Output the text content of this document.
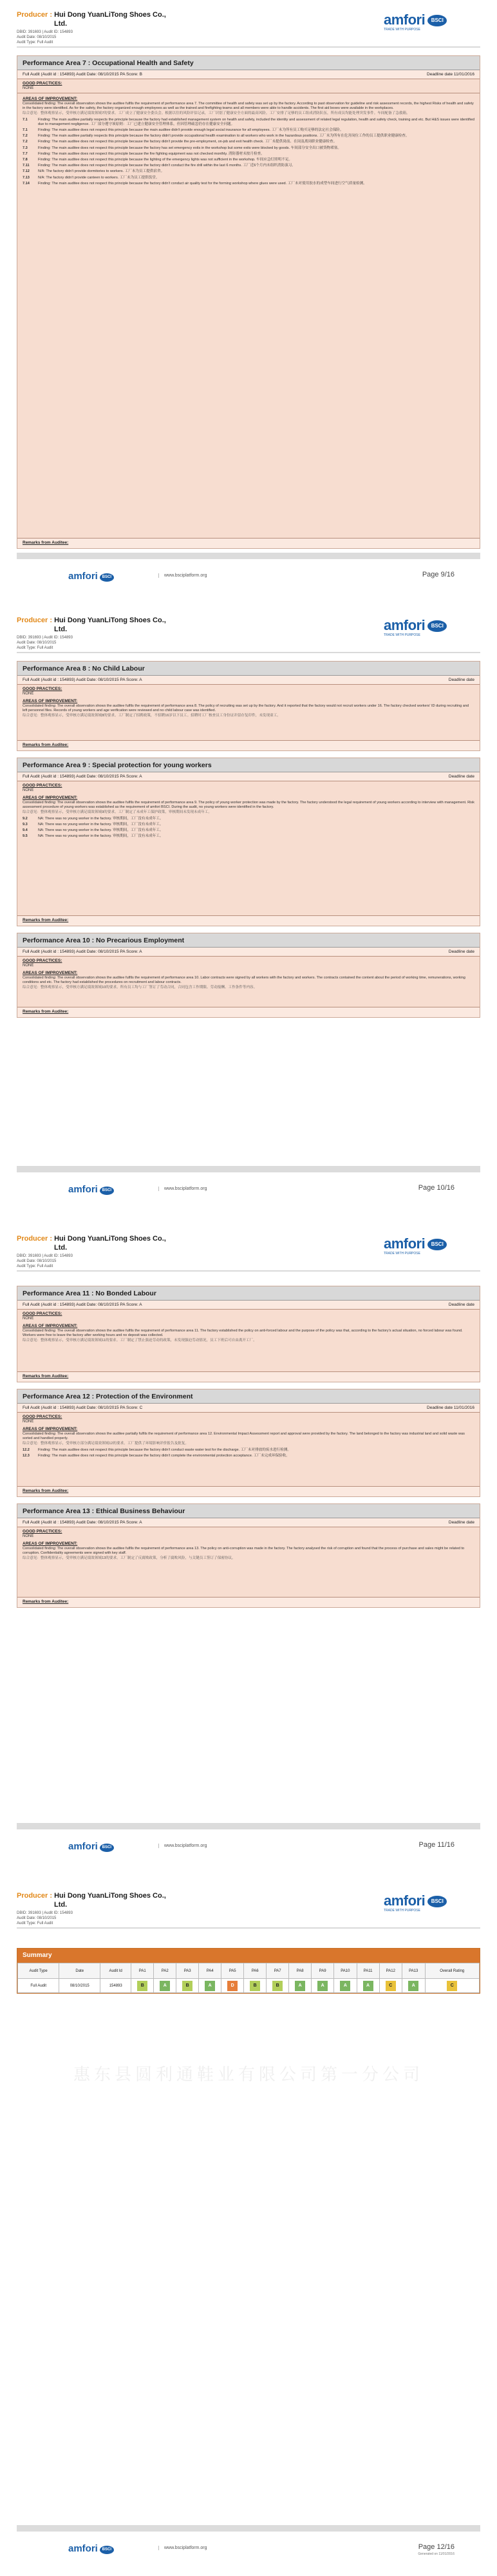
Producer : Hui Dong YuanLiTong Shoes Co.,
Ltd.
DBID: 391693 | Audit ID: 154893
Audit Date: 08/10/2015
Audit Type: Full Audit
amfori BSCI
TRADE WITH PURPOSE
Performance Area 7 : Occupational Health and Safety
Full Audit (Audit id : 154893) Audit Date: 08/10/2015 PA Score: B	Deadline date 11/01/2016
GOOD PRACTICES:
NONE
AREAS OF IMPROVEMENT:

Consolidated finding: The overall observation shows the auditee fulfils the requirement of performance area 7. The committee of health and safety was set up by the factory. According to past observation for guideline and risk assessment records, the highest Risks of health and safety in the factory were identified. As for the safety, the factory organized enough employees as well as the trained and firefighting teams and all members were able to handle accidents. The first aid boxes were available in the workplaces.

综合意见：整体观察显示，受审核方满足绩效领域7的要求。工厂成立了健康安全委员会。根据以往的风险评估记录，工厂识别了健康安全方面的最高风险。工厂安排了足够的员工组成消防队伍，所有成员均能处理突发事件。车间配备了急救箱。

7.1	Finding: The main auditee partially respects the principle because the factory had established management system on health and safety, included the identity and assessment of related legal regulation, health and safety check, training and etc. But H&S issues were identified due to management negligence. 工厂部分遵守该原则：工厂已建立健康安全管理体系，但因管理疏忽仍存在健康安全问题。
7.1	Finding: The main auditee does not respect this principle because the main auditee didn't provide enough legal social insurance for all employees. 工厂未为所有员工购买足够的法定社会保险。
7.2	Finding: The main auditee partially respects this principle because the factory didn't provide occupational health examination to all workers who work in the hazardous positions. 工厂未为所有在危害岗位工作的员工提供职业健康检查。
7.2	Finding: The main auditee does not respect this principle because the factory didn't provide the pre-employment, on-job and exit health check. 工厂未提供岗前、在岗及离岗职业健康检查。
7.3	Finding: The main auditee does not respect this principle because the factory has set emergency exits in the workshop but some exits were blocked by goods. 车间部分安全出口被货物堵塞。
7.7	Finding: The main auditee does not respect this principle because the fire fighting equipment was not checked monthly. 消防器材未按月检查。
7.8	Finding: The main auditee does not respect this principle because the lighting of the emergency lights was not sufficient in the workshop. 车间应急灯照明不足。
7.11	Finding: The main auditee does not respect this principle because the factory didn't conduct the fire drill within the last 6 months. 工厂近6个月内未组织消防演习。
7.12	N/A: The factory didn't provide dormitories to workers. 工厂未为员工提供宿舍。
7.13	N/A: The factory didn't provide canteen to workers. 工厂未为员工提供饭堂。
7.14	Finding: The main auditee does not respect this principle because the factory didn't conduct air quality test for the forming workshop where glues were used. 工厂未对使用胶水的成型车间进行空气质量检测。
Remarks from Auditee:
amfori BSCI	www.bsciplatform.org	Page 9/16
Producer : Hui Dong YuanLiTong Shoes Co.,
Ltd.
DBID: 391693 | Audit ID: 154893
Audit Date: 08/10/2015
Audit Type: Full Audit
amfori BSCI
TRADE WITH PURPOSE
Performance Area 8 : No Child Labour
Full Audit (Audit id : 154893) Audit Date: 08/10/2015 PA Score: A	Deadline date
GOOD PRACTICES:
NONE
AREAS OF IMPROVEMENT:

Consolidated finding: The overall observation shows the auditee fulfils the requirement of performance area 8. The policy of recruiting was set up by the factory. And it reported that the factory would not recruit workers under 16. The factory checked workers' ID during recruiting and left personnel files. Records of young workers and age verification were reviewed and no child labour case was identified.

综合意见：整体观察显示，受审核方满足绩效领域8的要求。工厂制定了招聘政策，不招聘16岁以下员工。招聘时工厂核查员工身份证并留存复印件，未发现童工。

Remarks from Auditee:
Performance Area 9 : Special protection for young workers
Full Audit (Audit id : 154893) Audit Date: 08/10/2015 PA Score: A	Deadline date
GOOD PRACTICES:
NONE
AREAS OF IMPROVEMENT:

Consolidated finding: The overall observation shows the auditee fulfils the requirement of performance area 9. The policy of young worker protection was made by the factory. The factory understood the legal requirement of young workers according to interview with management. Risk assessment procedure of young workers was established as the requirement of amfori BSCI. During the audit, no young workers were identified in the factory.

综合意见：整体观察显示，受审核方满足绩效领域9的要求。工厂制定了未成年工保护政策，审核期间未发现未成年工。

9.2	NA: There was no young worker in the factory. 审核期间，工厂没有未成年工。
9.3	NA: There was no young worker in the factory. 审核期间，工厂没有未成年工。
9.4	NA: There was no young worker in the factory. 审核期间，工厂没有未成年工。
9.5	NA: There was no young worker in the factory. 审核期间，工厂没有未成年工。
Remarks from Auditee:
Performance Area 10 : No Precarious Employment
Full Audit (Audit id : 154893) Audit Date: 08/10/2015 PA Score: A	Deadline date
GOOD PRACTICES:
NONE
AREAS OF IMPROVEMENT:

Consolidated finding: The overall observation shows the auditee fulfils the requirement of performance area 10. Labor contracts were signed by all workers with the factory and workers. The contracts contained the content about the period of working time, remunerations, working conditions and etc. The factory had established the procedures on recruitment and labour contracts.

综合意见：整体观察显示，受审核方满足绩效领域10的要求。所有员工均与工厂签订了劳动合同，合同包含工作期限、劳动报酬、工作条件等内容。

Remarks from Auditee:
amfori BSCI	www.bsciplatform.org	Page 10/16
Producer : Hui Dong YuanLiTong Shoes Co.,
Ltd.
DBID: 391693 | Audit ID: 154893
Audit Date: 08/10/2015
Audit Type: Full Audit
amfori BSCI
TRADE WITH PURPOSE
Performance Area 11 : No Bonded Labour
Full Audit (Audit id : 154893) Audit Date: 08/10/2015 PA Score: A	Deadline date
GOOD PRACTICES:
NONE
AREAS OF IMPROVEMENT:

Consolidated finding: The overall observation shows the auditee fulfils the requirement of performance area 11. The factory established the policy on anti-forced labour and the purpose of the policy was that, according to the factory's actual situation, no forced labour was found. Workers were free to leave the factory after working hours and no deposit was collected.

综合意见：整体观察显示，受审核方满足绩效领域11的要求。工厂制定了禁止强迫劳动的政策，未发现强迫劳动情况，员工下班后可自由离开工厂。

Remarks from Auditee:
Performance Area 12 : Protection of the Environment
Full Audit (Audit id : 154893) Audit Date: 08/10/2015 PA Score: C	Deadline date 11/01/2016
GOOD PRACTICES:
NONE
AREAS OF IMPROVEMENT:

Consolidated finding: The overall observation shows the auditee partially fulfils the requirement of performance area 12. Environmental Impact Assessment report and approval were provided by the factory. The land belonged to the factory was industrial land and solid waste was sorted and handled properly.

综合意见：整体观察显示，受审核方部分满足绩效领域12的要求。工厂提供了环境影响评价报告及批复。

12.2	Finding: The main auditee does not respect this principle because the factory didn't conduct waste water test for the discharge. 工厂未对排放的废水进行检测。
12.3	Finding: The main auditee does not respect this principle because the factory didn't complete the environmental protection acceptance. 工厂未完成环保验收。
Remarks from Auditee:
Performance Area 13 : Ethical Business Behaviour
Full Audit (Audit id : 154893) Audit Date: 08/10/2015 PA Score: A	Deadline date
GOOD PRACTICES:
NONE
AREAS OF IMPROVEMENT:

Consolidated finding: The overall observation shows the auditee fulfils the requirement of performance area 13. The policy on anti-corruption was made in the factory. The factory analysed the risk of corruption and found that the process of purchase and sales might be related to corruption. Confidentiality agreements were signed with key staff.

综合意见：整体观察显示，受审核方满足绩效领域13的要求。工厂制定了反腐败政策，分析了腐败风险，与关键员工签订了保密协议。

Remarks from Auditee:
amfori BSCI	www.bsciplatform.org	Page 11/16
Producer : Hui Dong YuanLiTong Shoes Co.,
Ltd.
DBID: 391693 | Audit ID: 154893
Audit Date: 08/10/2015
Audit Type: Full Audit
amfori BSCI
TRADE WITH PURPOSE
Summary
Audit Type	Date	Audit Id	PA1	PA2	PA3	PA4	PA5	PA6	PA7	PA8	PA9	PA10	PA11	PA12	PA13	Overall Rating
Full Audit	08/10/2015	154893	B	A	B	A	D	B	B	A	A	A	A	C	A	C
惠东县圆利通鞋业有限公司第一分公司
amfori BSCI	www.bsciplatform.org	Page 12/16
Generated on 11/01/2016
